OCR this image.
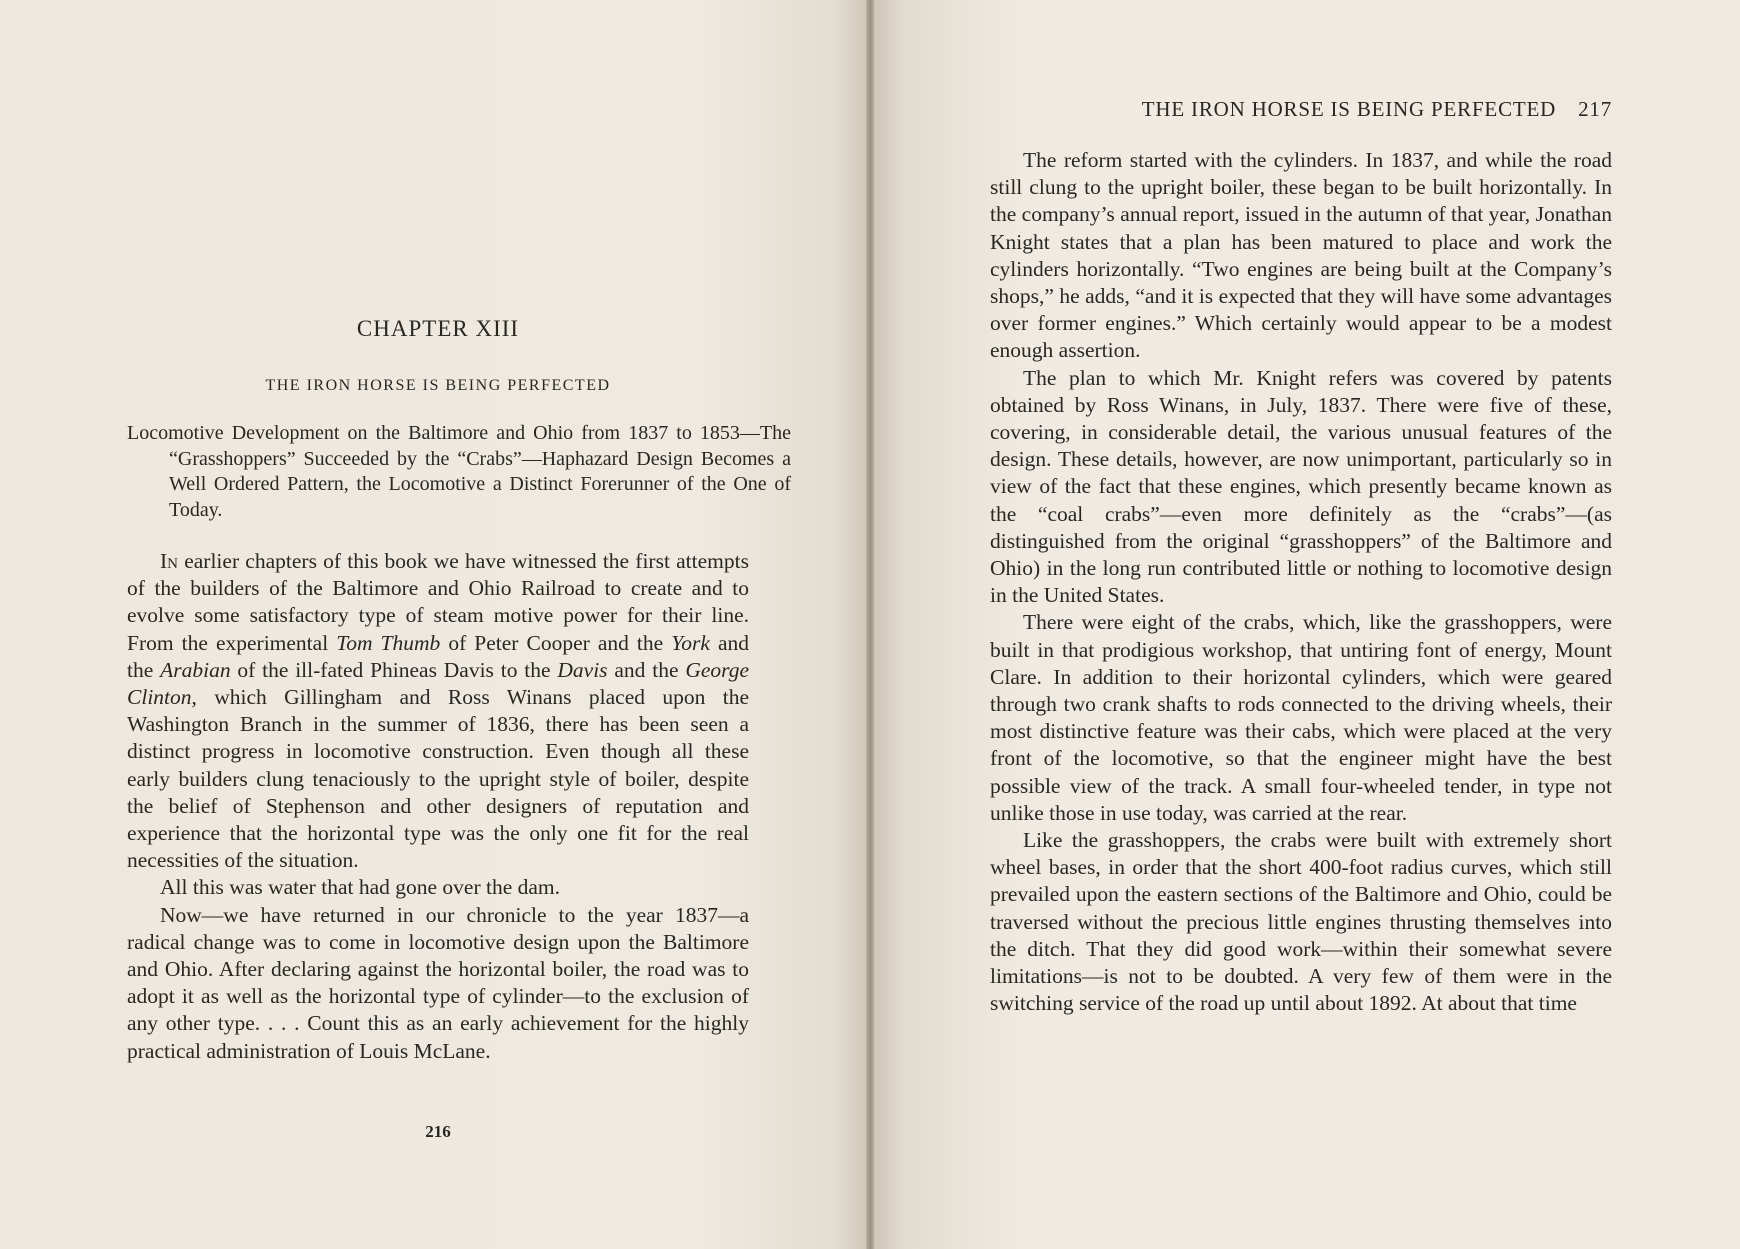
CHAPTER XIII
THE IRON HORSE IS BEING PERFECTED
Locomotive Development on the Baltimore and Ohio from 1837 to 1853—The “Grasshoppers” Succeeded by the “Crabs”—Haphazard Design Becomes a Well Ordered Pattern, the Locomotive a Distinct Forerunner of the One of Today.

In earlier chapters of this book we have witnessed the first attempts of the builders of the Baltimore and Ohio Railroad to create and to evolve some satisfactory type of steam motive power for their line. From the experimental Tom Thumb of Peter Cooper and the York and the Arabian of the ill-fated Phineas Davis to the Davis and the George Clinton, which Gillingham and Ross Winans placed upon the Washington Branch in the summer of 1836, there has been seen a distinct progress in locomotive construction. Even though all these early builders clung tenaciously to the upright style of boiler, despite the belief of Stephenson and other designers of reputation and experience that the horizontal type was the only one fit for the real necessities of the situation.

All this was water that had gone over the dam.

Now—we have returned in our chronicle to the year 1837—a radical change was to come in locomotive design upon the Baltimore and Ohio. After declaring against the horizontal boiler, the road was to adopt it as well as the horizontal type of cylinder—to the exclusion of any other type. . . . Count this as an early achievement for the highly practical administration of Louis McLane.

216
THE IRON HORSE IS BEING PERFECTED 217

The reform started with the cylinders. In 1837, and while the road still clung to the upright boiler, these began to be built horizontally. In the company’s annual report, issued in the autumn of that year, Jonathan Knight states that a plan has been matured to place and work the cylinders horizontally. “Two engines are being built at the Company’s shops,” he adds, “and it is expected that they will have some advantages over former engines.” Which certainly would appear to be a modest enough assertion.

The plan to which Mr. Knight refers was covered by patents obtained by Ross Winans, in July, 1837. There were five of these, covering, in considerable detail, the various unusual features of the design. These details, however, are now unimportant, particularly so in view of the fact that these engines, which presently became known as the “coal crabs”—even more definitely as the “crabs”—(as distinguished from the original “grasshoppers” of the Baltimore and Ohio) in the long run contributed little or nothing to locomotive design in the United States.

There were eight of the crabs, which, like the grasshoppers, were built in that prodigious workshop, that untiring font of energy, Mount Clare. In addition to their horizontal cylinders, which were geared through two crank shafts to rods connected to the driving wheels, their most distinctive feature was their cabs, which were placed at the very front of the locomotive, so that the engineer might have the best possible view of the track. A small four-wheeled tender, in type not unlike those in use today, was carried at the rear.

Like the grasshoppers, the crabs were built with extremely short wheel bases, in order that the short 400-foot radius curves, which still prevailed upon the eastern sections of the Baltimore and Ohio, could be traversed without the precious little engines thrusting themselves into the ditch. That they did good work—within their somewhat severe limitations—is not to be doubted. A very few of them were in the switching service of the road up until about 1892. At about that time
